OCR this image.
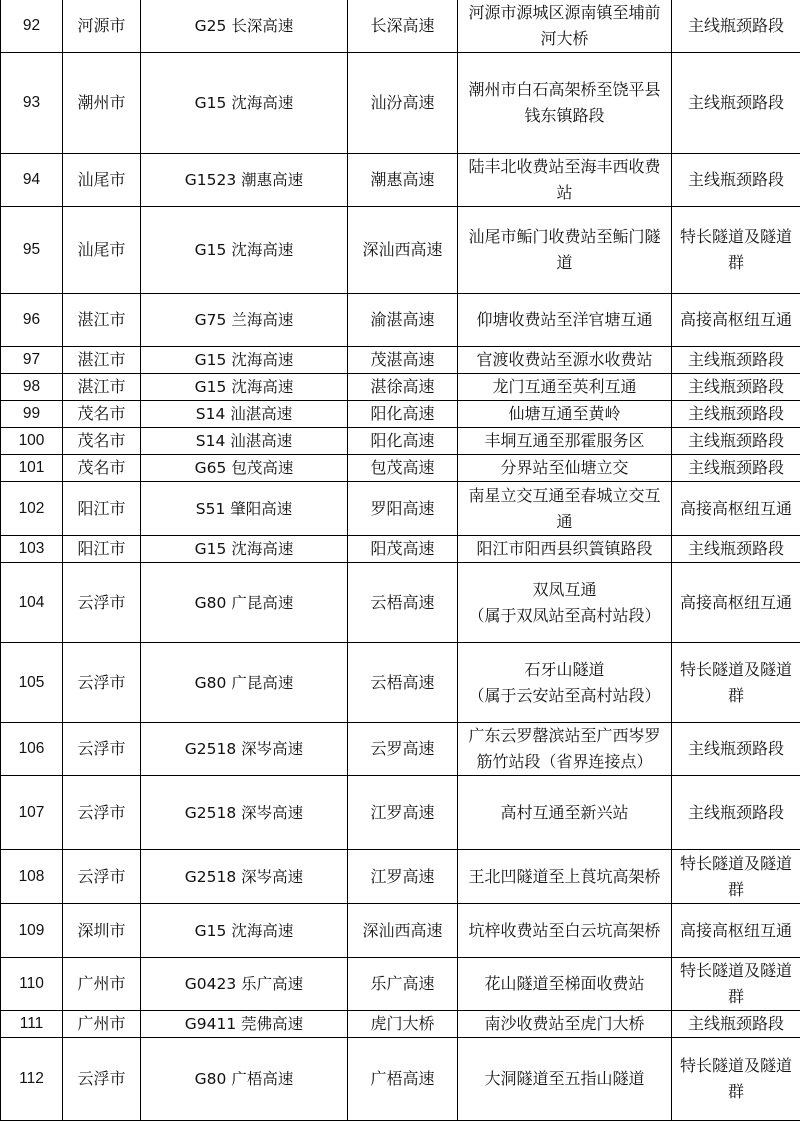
92	河源市	G25 长深高速	长深高速	河源市源城区源南镇至埔前河大桥	主线瓶颈路段

93	潮州市	G15 沈海高速	汕汾高速	潮州市白石高架桥至饶平县钱东镇路段	主线瓶颈路段

94	汕尾市	G1523 潮惠高速	潮惠高速	陆丰北收费站至海丰西收费站	主线瓶颈路段

95	汕尾市	G15 沈海高速	深汕西高速	汕尾市鲘门收费站至鲘门隧道	特长隧道及隧道群

96	湛江市	G75 兰海高速	渝湛高速	仰塘收费站至洋官塘互通	高接高枢纽互通

97	湛江市	G15 沈海高速	茂湛高速	官渡收费站至源水收费站	主线瓶颈路段

98	湛江市	G15 沈海高速	湛徐高速	龙门互通至英利互通	主线瓶颈路段

99	茂名市	S14 汕湛高速	阳化高速	仙塘互通至黄岭	主线瓶颈路段

100	茂名市	S14 汕湛高速	阳化高速	丰垌互通至那霍服务区	主线瓶颈路段

101	茂名市	G65 包茂高速	包茂高速	分界站至仙塘立交	主线瓶颈路段

102	阳江市	S51 肇阳高速	罗阳高速	南星立交互通至春城立交互通	高接高枢纽互通

103	阳江市	G15 沈海高速	阳茂高速	阳江市阳西县织篢镇路段	主线瓶颈路段

104	云浮市	G80 广昆高速	云梧高速	双凤互通
（属于双凤站至高村站段）	高接高枢纽互通

105	云浮市	G80 广昆高速	云梧高速	石牙山隧道
（属于云安站至高村站段）	特长隧道及隧道群

106	云浮市	G2518 深岑高速	云罗高速	广东云罗罄滨站至广西岑罗筋竹站段（省界连接点）	主线瓶颈路段

107	云浮市	G2518 深岑高速	江罗高速	高村互通至新兴站	主线瓶颈路段

108	云浮市	G2518 深岑高速	江罗高速	王北凹隧道至上莨坑高架桥	特长隧道及隧道群

109	深圳市	G15 沈海高速	深汕西高速	坑梓收费站至白云坑高架桥	高接高枢纽互通

110	广州市	G0423 乐广高速	乐广高速	花山隧道至梯面收费站	特长隧道及隧道群

111	广州市	G9411 莞佛高速	虎门大桥	南沙收费站至虎门大桥	主线瓶颈路段

112	云浮市	G80 广梧高速	广梧高速	大洞隧道至五指山隧道	特长隧道及隧道群
